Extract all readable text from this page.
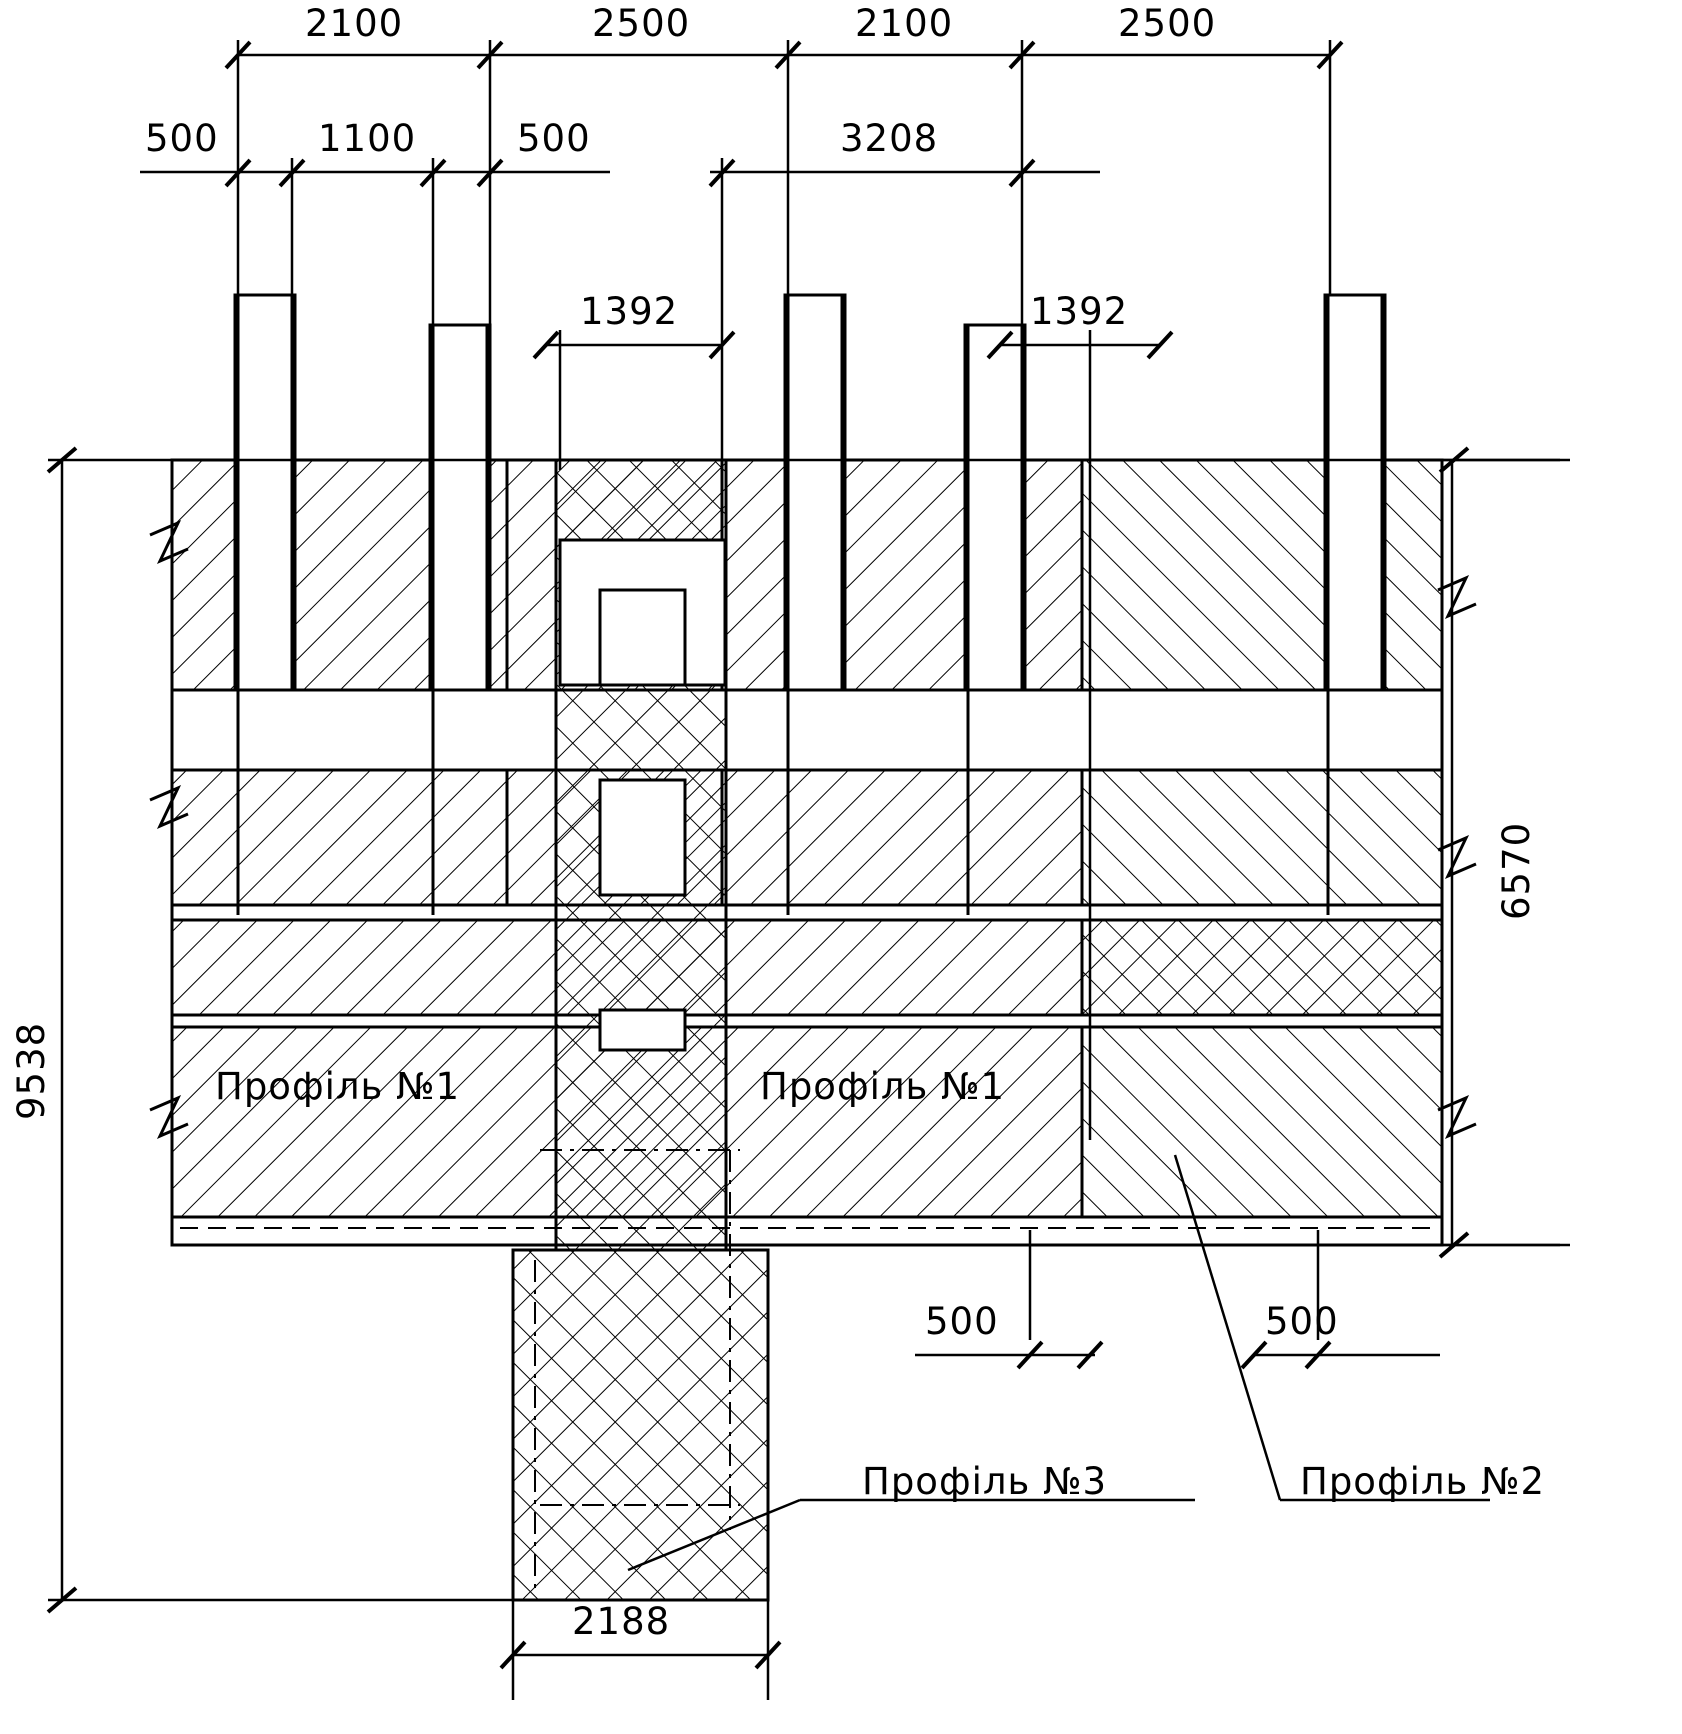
2100	2500	2100	2500
500	1100	500	3208
1392	1392
9538
6570
500	500
2188
Профіль №1	Профіль №1
Профіль №3	Профіль №2
